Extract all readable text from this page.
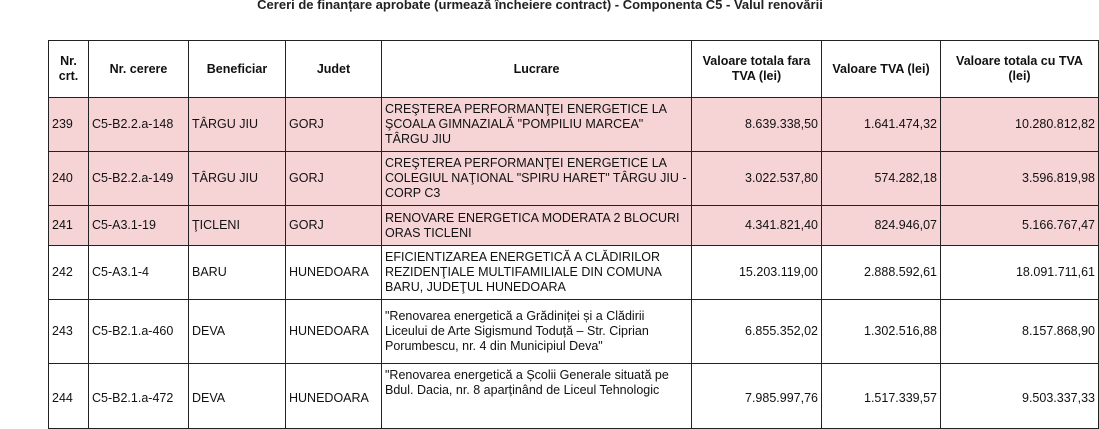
Cereri de finanțare aprobate (urmează încheiere contract) - Componenta C5 - Valul renovării
Nr. crt.	Nr. cerere	Beneficiar	Judet	Lucrare	Valoare totala fara TVA (lei)	Valoare TVA (lei)	Valoare totala cu TVA (lei)
239	C5-B2.2.a-148	TÂRGU JIU	GORJ	CREŞTEREA PERFORMANŢEI ENERGETICE LA ŞCOALA GIMNAZIALĂ "POMPILIU MARCEA" TÂRGU JIU	8.639.338,50	1.641.474,32	10.280.812,82
240	C5-B2.2.a-149	TÂRGU JIU	GORJ	CREŞTEREA PERFORMANŢEI ENERGETICE LA COLEGIUL NAŢIONAL "SPIRU HARET" TÂRGU JIU - CORP C3	3.022.537,80	574.282,18	3.596.819,98
241	C5-A3.1-19	ŢICLENI	GORJ	RENOVARE ENERGETICA MODERATA 2 BLOCURI ORAS TICLENI	4.341.821,40	824.946,07	5.166.767,47
242	C5-A3.1-4	BARU	HUNEDOARA	EFICIENTIZAREA ENERGETICĂ A CLĂDIRILOR REZIDENŢIALE MULTIFAMILIALE DIN COMUNA BARU, JUDEŢUL HUNEDOARA	15.203.119,00	2.888.592,61	18.091.711,61
243	C5-B2.1.a-460	DEVA	HUNEDOARA	"Renovarea energetică a Grădiniței și a Clădirii Liceului de Arte Sigismund Toduță – Str. Ciprian Porumbescu, nr. 4 din Municipiul Deva"	6.855.352,02	1.302.516,88	8.157.868,90
244	C5-B2.1.a-472	DEVA	HUNEDOARA	"Renovarea energetică a Școlii Generale situată pe Bdul. Dacia, nr. 8 aparținând de Liceul Tehnologic	7.985.997,76	1.517.339,57	9.503.337,33
